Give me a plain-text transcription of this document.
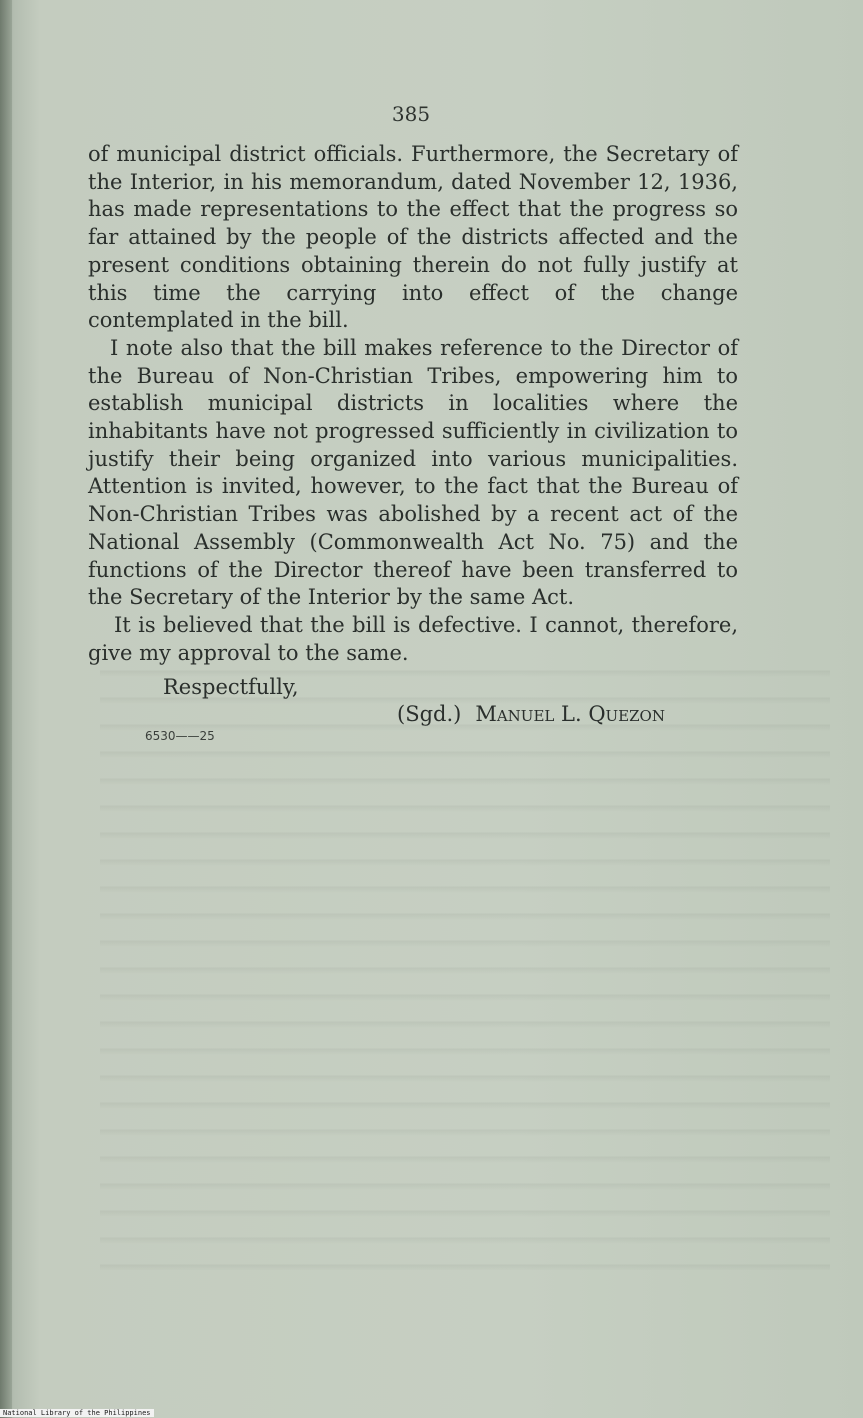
385

of municipal district officials. Furthermore, the Secretary of the Interior, in his memorandum, dated November 12, 1936, has made representations to the effect that the progress so far attained by the people of the districts affected and the present conditions obtaining therein do not fully justify at this time the carrying into effect of the change contemplated in the bill.

I note also that the bill makes reference to the Director of the Bureau of Non-Christian Tribes, empowering him to establish municipal districts in localities where the inhabitants have not progressed sufficiently in civilization to justify their being organized into various municipalities. Attention is invited, however, to the fact that the Bureau of Non-Christian Tribes was abolished by a recent act of the National Assembly (Commonwealth Act No. 75) and the functions of the Director thereof have been transferred to the Secretary of the Interior by the same Act.

It is believed that the bill is defective. I cannot, therefore, give my approval to the same.

Respectfully,
(Sgd.) Manuel L. Quezon
6530——25
National Library of the Philippines
